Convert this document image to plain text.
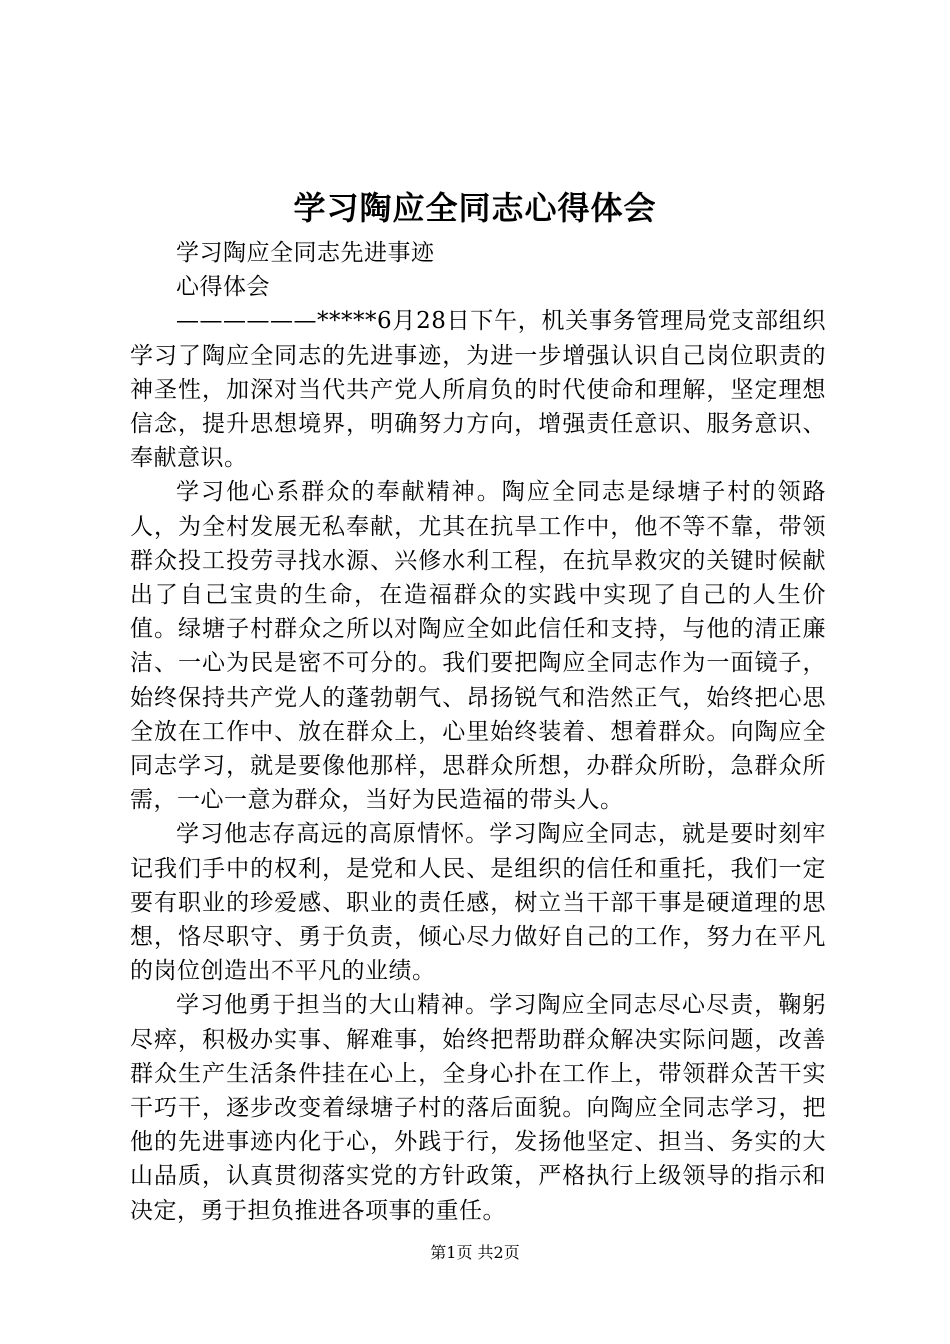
学习陶应全同志心得体会

学习陶应全同志先进事迹

心得体会

——————*****6月28日下午，机关事务管理局党支部组织学习了陶应全同志的先进事迹，为进一步增强认识自己岗位职责的神圣性，加深对当代共产党人所肩负的时代使命和理解，坚定理想信念，提升思想境界，明确努力方向，增强责任意识、服务意识、奉献意识。

学习他心系群众的奉献精神。陶应全同志是绿塘子村的领路人，为全村发展无私奉献，尤其在抗旱工作中，他不等不靠，带领群众投工投劳寻找水源、兴修水利工程，在抗旱救灾的关键时候献出了自己宝贵的生命，在造福群众的实践中实现了自己的人生价值。绿塘子村群众之所以对陶应全如此信任和支持，与他的清正廉洁、一心为民是密不可分的。我们要把陶应全同志作为一面镜子，始终保持共产党人的蓬勃朝气、昂扬锐气和浩然正气，始终把心思全放在工作中、放在群众上，心里始终装着、想着群众。向陶应全同志学习，就是要像他那样，思群众所想，办群众所盼，急群众所需，一心一意为群众，当好为民造福的带头人。

学习他志存高远的高原情怀。学习陶应全同志，就是要时刻牢记我们手中的权利，是党和人民、是组织的信任和重托，我们一定要有职业的珍爱感、职业的责任感，树立当干部干事是硬道理的思想，恪尽职守、勇于负责，倾心尽力做好自己的工作，努力在平凡的岗位创造出不平凡的业绩。

学习他勇于担当的大山精神。学习陶应全同志尽心尽责，鞠躬尽瘁，积极办实事、解难事，始终把帮助群众解决实际问题，改善群众生产生活条件挂在心上，全身心扑在工作上，带领群众苦干实干巧干，逐步改变着绿塘子村的落后面貌。向陶应全同志学习，把他的先进事迹内化于心，外践于行，发扬他坚定、担当、务实的大山品质，认真贯彻落实党的方针政策，严格执行上级领导的指示和决定，勇于担负推进各项事的重任。

第1页 共2页
